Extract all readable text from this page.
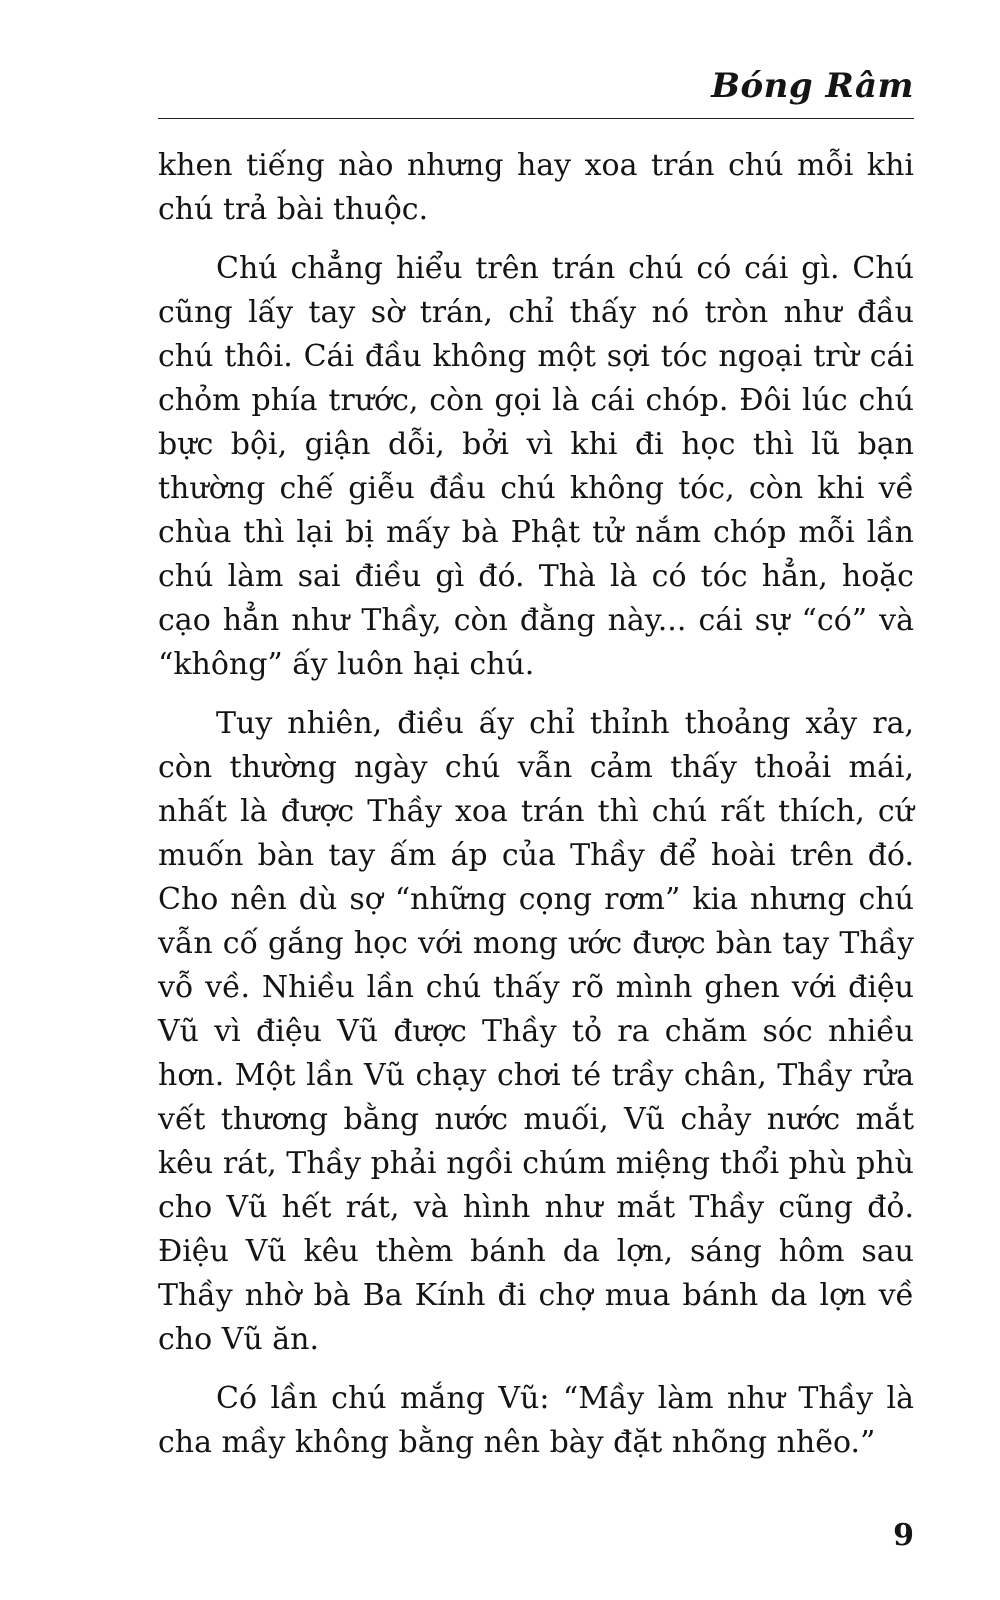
Bóng Râm

khen tiếng nào nhưng hay xoa trán chú mỗi khi chú trả bài thuộc.

Chú chẳng hiểu trên trán chú có cái gì. Chú cũng lấy tay sờ trán, chỉ thấy nó tròn như đầu chú thôi. Cái đầu không một sợi tóc ngoại trừ cái chỏm phía trước, còn gọi là cái chóp. Đôi lúc chú bực bội, giận dỗi, bởi vì khi đi học thì lũ bạn thường chế giễu đầu chú không tóc, còn khi về chùa thì lại bị mấy bà Phật tử nắm chóp mỗi lần chú làm sai điều gì đó. Thà là có tóc hẳn, hoặc cạo hẳn như Thầy, còn đằng này... cái sự “có” và “không” ấy luôn hại chú.

Tuy nhiên, điều ấy chỉ thỉnh thoảng xảy ra, còn thường ngày chú vẫn cảm thấy thoải mái, nhất là được Thầy xoa trán thì chú rất thích, cứ muốn bàn tay ấm áp của Thầy để hoài trên đó. Cho nên dù sợ “những cọng rơm” kia nhưng chú vẫn cố gắng học với mong ước được bàn tay Thầy vỗ về. Nhiều lần chú thấy rõ mình ghen với điệu Vũ vì điệu Vũ được Thầy tỏ ra chăm sóc nhiều hơn. Một lần Vũ chạy chơi té trầy chân, Thầy rửa vết thương bằng nước muối, Vũ chảy nước mắt kêu rát, Thầy phải ngồi chúm miệng thổi phù phù cho Vũ hết rát, và hình như mắt Thầy cũng đỏ. Điệu Vũ kêu thèm bánh da lợn, sáng hôm sau Thầy nhờ bà Ba Kính đi chợ mua bánh da lợn về cho Vũ ăn.

Có lần chú mắng Vũ: “Mầy làm như Thầy là cha mầy không bằng nên bày đặt nhõng nhẽo.”

9
